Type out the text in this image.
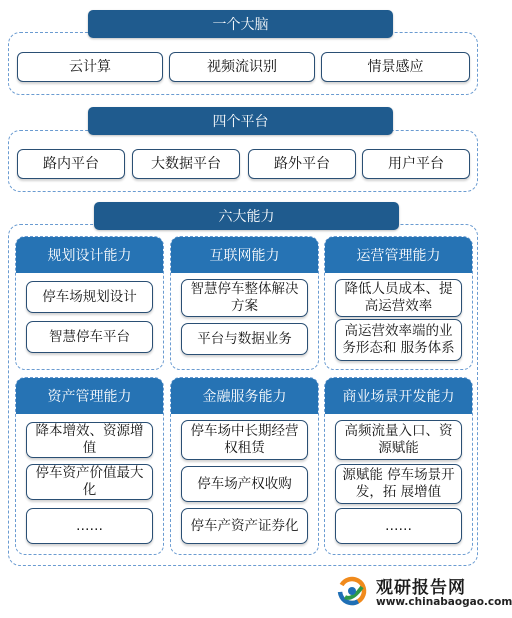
一个大脑
云计算	视频流识别	情景感应
四个平台
路内平台	大数据平台	路外平台	用户平台
六大能力
规划设计能力
停车场规划设计
智慧停车平台
互联网能力
智慧停车整体解决方案
平台与数据业务
运营管理能力
降低人员成本、提高运营效率
高运营效率端的业务形态和 服务体系
资产管理能力
降本增效、资源增值
停车资产价值最大化
……
金融服务能力
停车场中长期经营权租赁
停车场产权收购
停车产资产证券化
商业场景开发能力
高频流量入口、资源赋能
源赋能 停车场景开发，拓 展增值
……
观研报告网
www.chinabaogao.com
